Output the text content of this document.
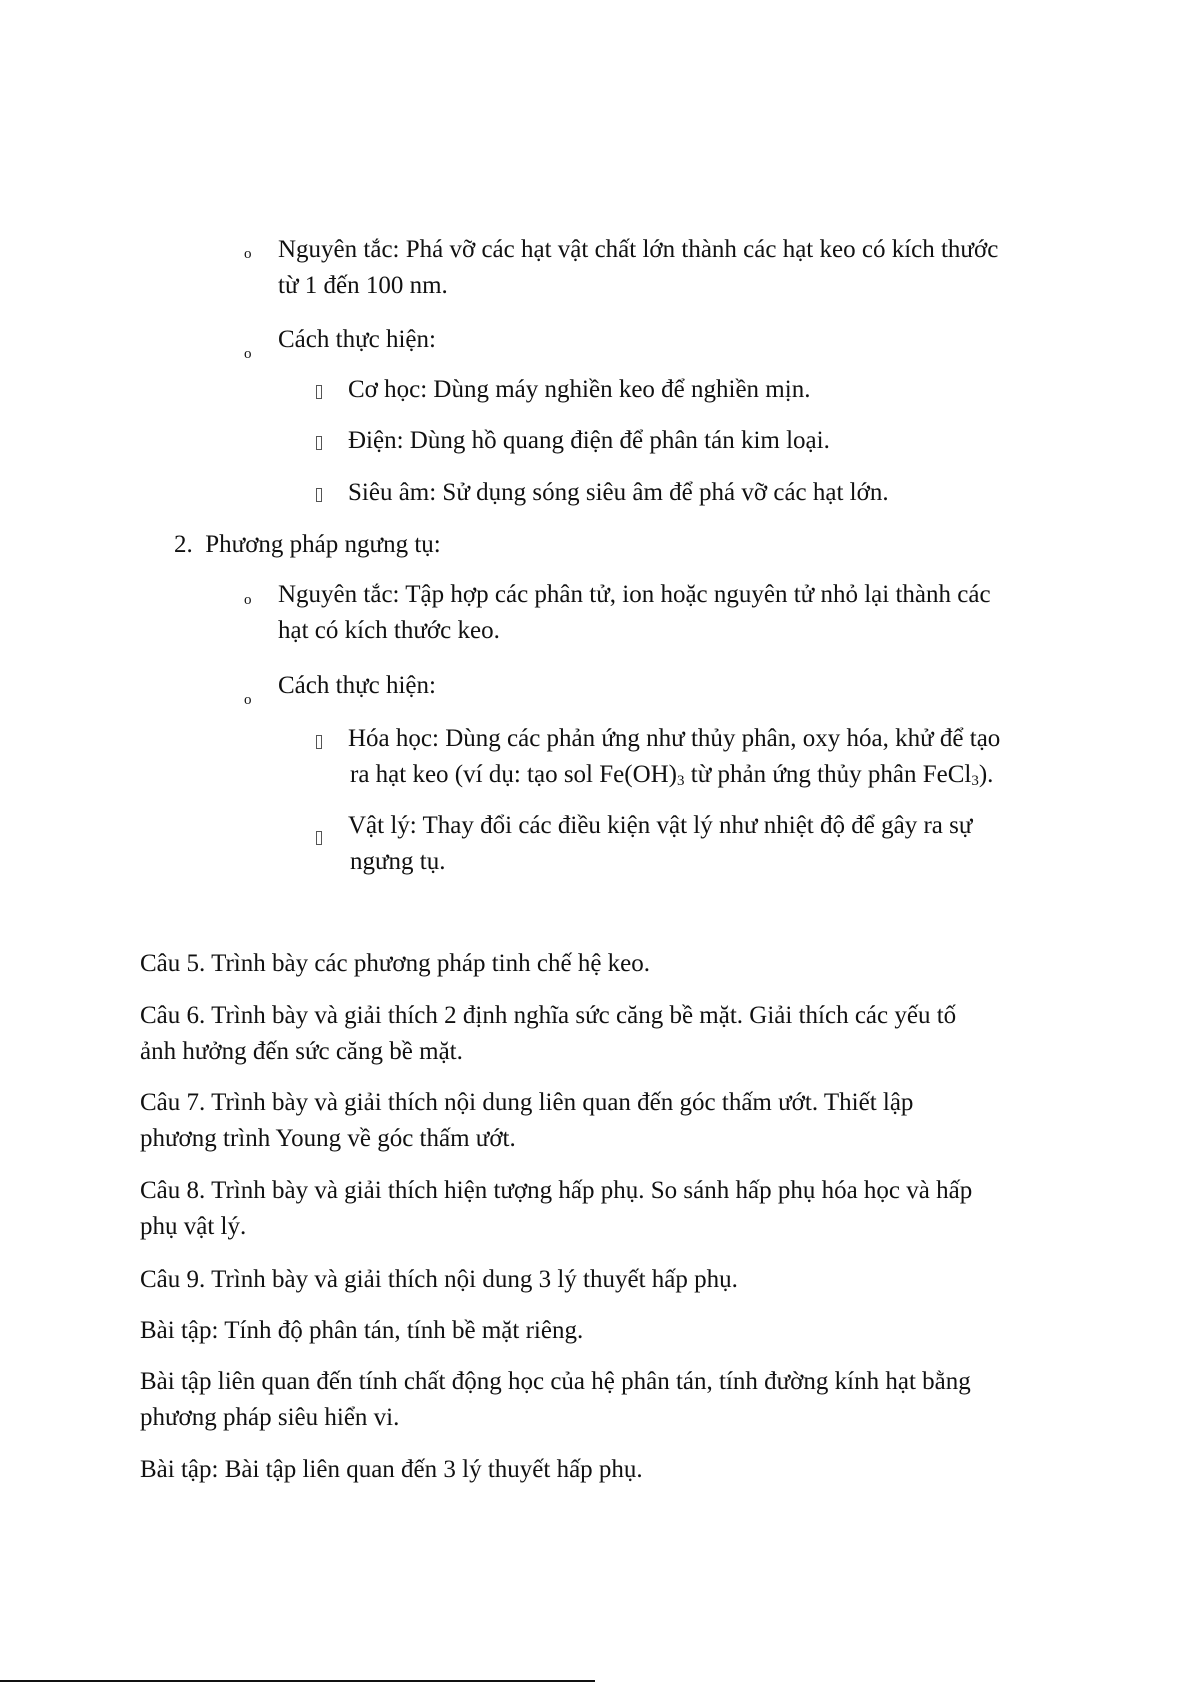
o Nguyên tắc: Phá vỡ các hạt vật chất lớn thành các hạt keo có kích thước
từ 1 đến 100 nm.
o
Cách thực hiện:
Cơ học: Dùng máy nghiền keo để nghiền mịn.
Điện: Dùng hồ quang điện để phân tán kim loại.
Siêu âm: Sử dụng sóng siêu âm để phá vỡ các hạt lớn.
2. Phương pháp ngưng tụ:
o Nguyên tắc: Tập hợp các phân tử, ion hoặc nguyên tử nhỏ lại thành các
hạt có kích thước keo.
o
Cách thực hiện:
Hóa học: Dùng các phản ứng như thủy phân, oxy hóa, khử để tạo
ra hạt keo (ví dụ: tạo sol $Fe(OH)_3$ từ phản ứng thủy phân FeCl$_3$).
Vật lý: Thay đổi các điều kiện vật lý như nhiệt độ để gây ra sự
ngưng tụ.
Câu 5. Trình bày các phương pháp tinh chế hệ keo.
Câu 6. Trình bày và giải thích 2 định nghĩa sức căng bề mặt. Giải thích các yếu tố
ảnh hưởng đến sức căng bề mặt.
Câu 7. Trình bày và giải thích nội dung liên quan đến góc thấm ướt. Thiết lập
phương trình Young về góc thấm ướt.
Câu 8. Trình bày và giải thích hiện tượng hấp phụ. So sánh hấp phụ hóa học và hấp
phụ vật lý.
Câu 9. Trình bày và giải thích nội dung 3 lý thuyết hấp phụ.
Bài tập: Tính độ phân tán, tính bề mặt riêng.
Bài tập liên quan đến tính chất động học của hệ phân tán, tính đường kính hạt bằng
phương pháp siêu hiển vi.
Bài tập: Bài tập liên quan đến 3 lý thuyết hấp phụ.
